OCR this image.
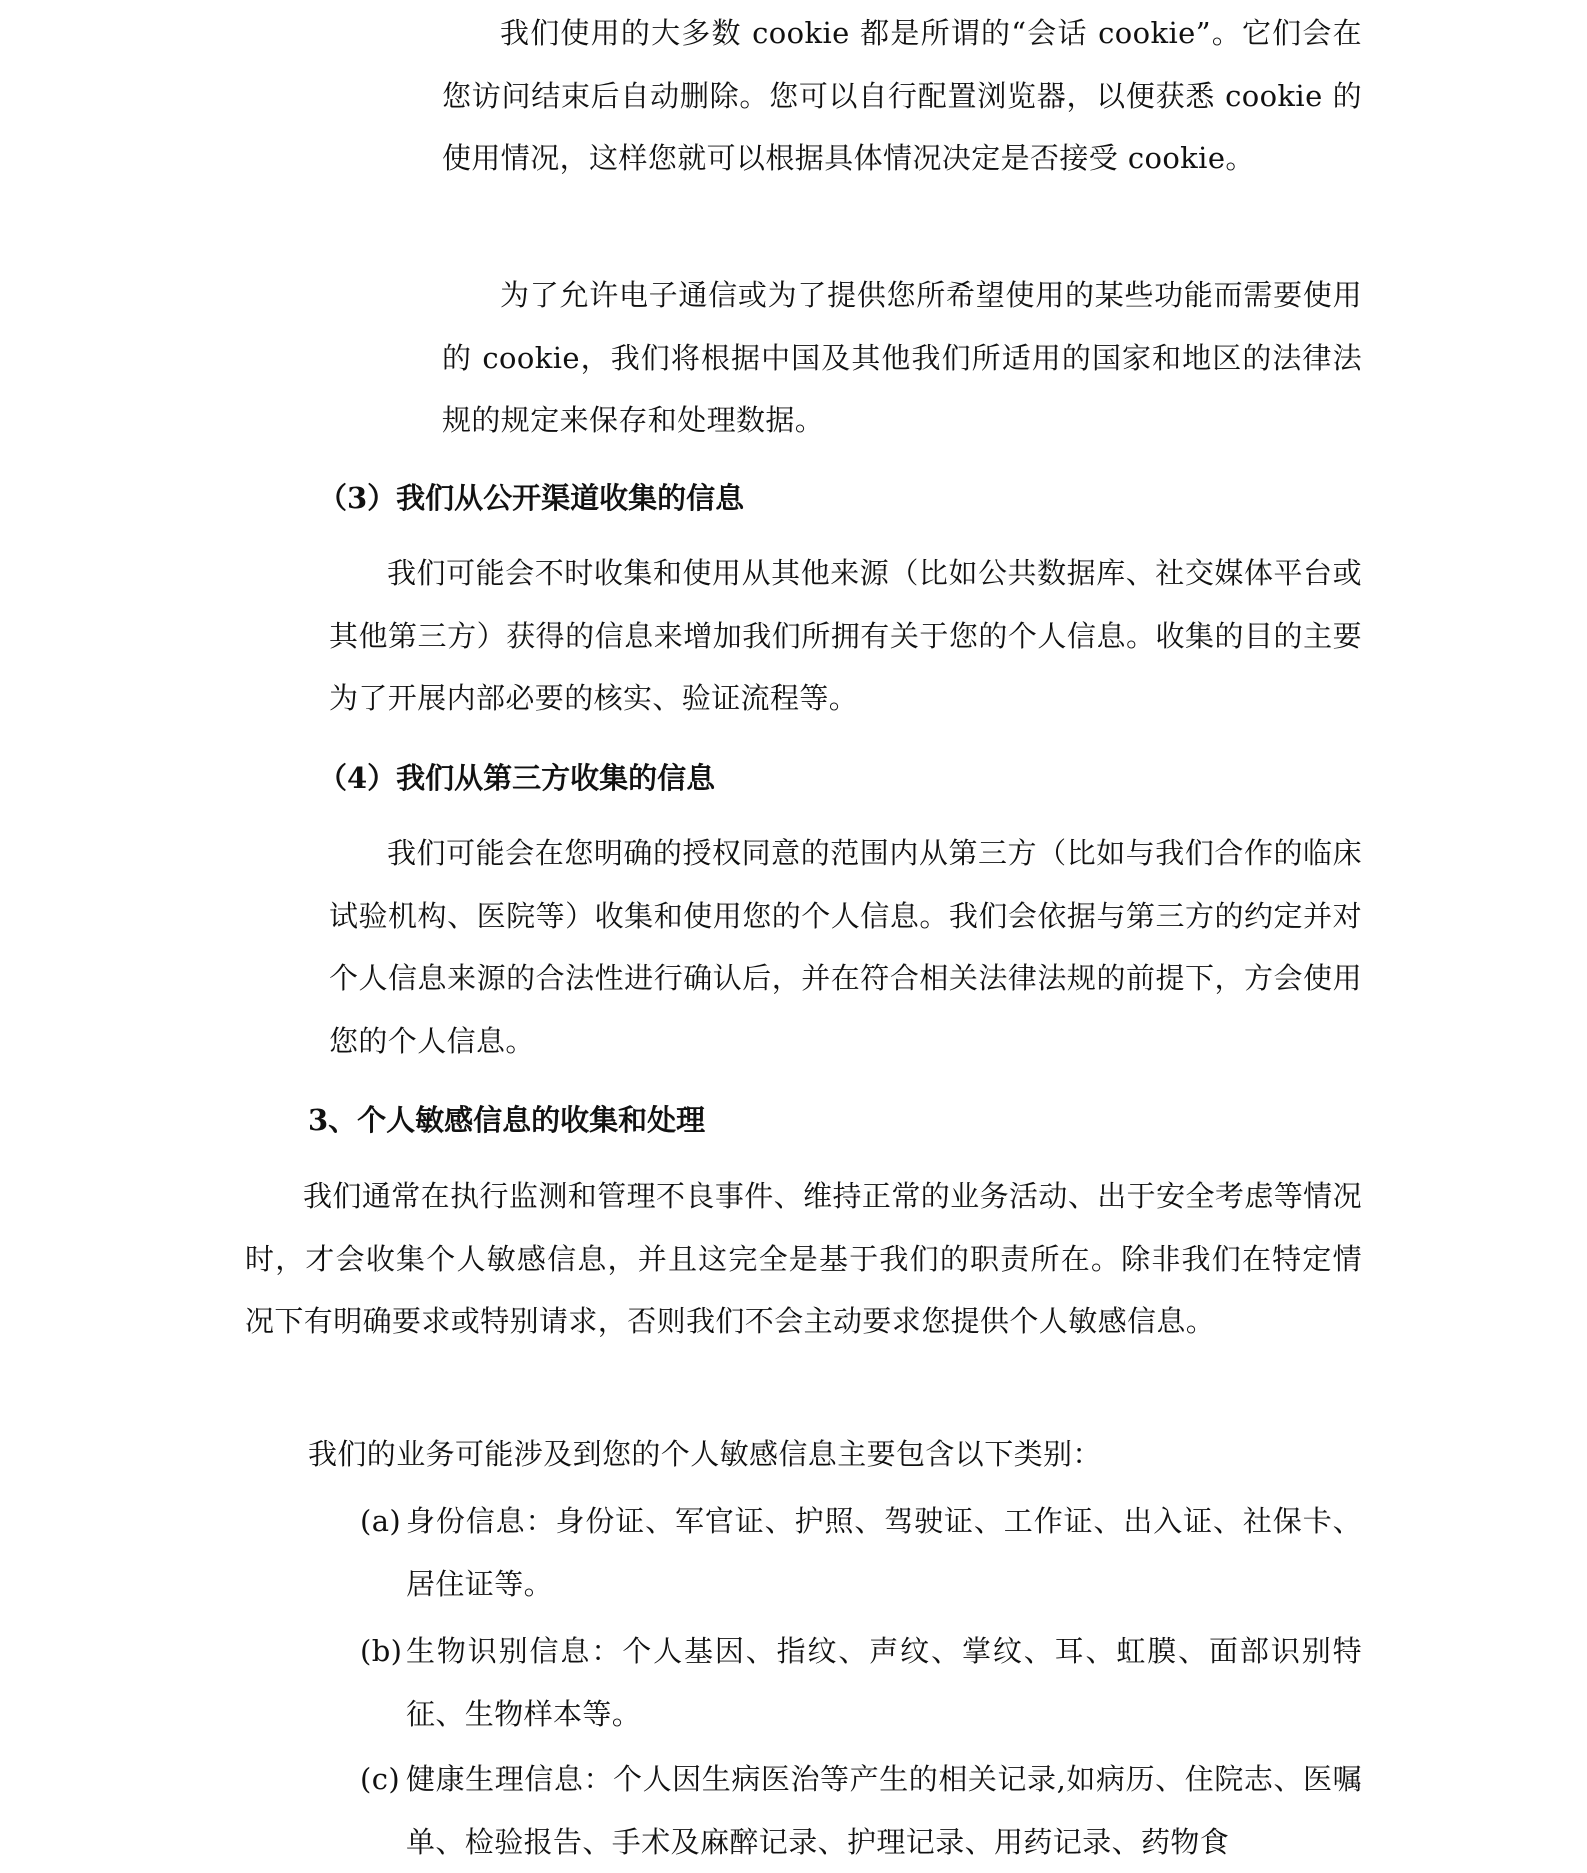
我们使用的大多数 cookie 都是所谓的“会话 cookie”。它们会在您访问结束后自动删除。您可以自行配置浏览器，以便获悉 cookie 的使用情况，这样您就可以根据具体情况决定是否接受 cookie。

为了允许电子通信或为了提供您所希望使用的某些功能而需要使用的 cookie，我们将根据中国及其他我们所适用的国家和地区的法律法规的规定来保存和处理数据。

（3）我们从公开渠道收集的信息

我们可能会不时收集和使用从其他来源（比如公共数据库、社交媒体平台或其他第三方）获得的信息来增加我们所拥有关于您的个人信息。收集的目的主要为了开展内部必要的核实、验证流程等。

（4）我们从第三方收集的信息

我们可能会在您明确的授权同意的范围内从第三方（比如与我们合作的临床试验机构、医院等）收集和使用您的个人信息。我们会依据与第三方的约定并对个人信息来源的合法性进行确认后，并在符合相关法律法规的前提下，方会使用您的个人信息。

3、个人敏感信息的收集和处理

我们通常在执行监测和管理不良事件、维持正常的业务活动、出于安全考虑等情况时，才会收集个人敏感信息，并且这完全是基于我们的职责所在。除非我们在特定情况下有明确要求或特别请求，否则我们不会主动要求您提供个人敏感信息。

我们的业务可能涉及到您的个人敏感信息主要包含以下类别：

(a) 身份信息：身份证、军官证、护照、驾驶证、工作证、出入证、社保卡、居住证等。
(b) 生物识别信息：个人基因、指纹、声纹、掌纹、耳、虹膜、面部识别特征、生物样本等。
(c) 健康生理信息：个人因生病医治等产生的相关记录,如病历、住院志、医嘱单、检验报告、手术及麻醉记录、护理记录、用药记录、药物食
